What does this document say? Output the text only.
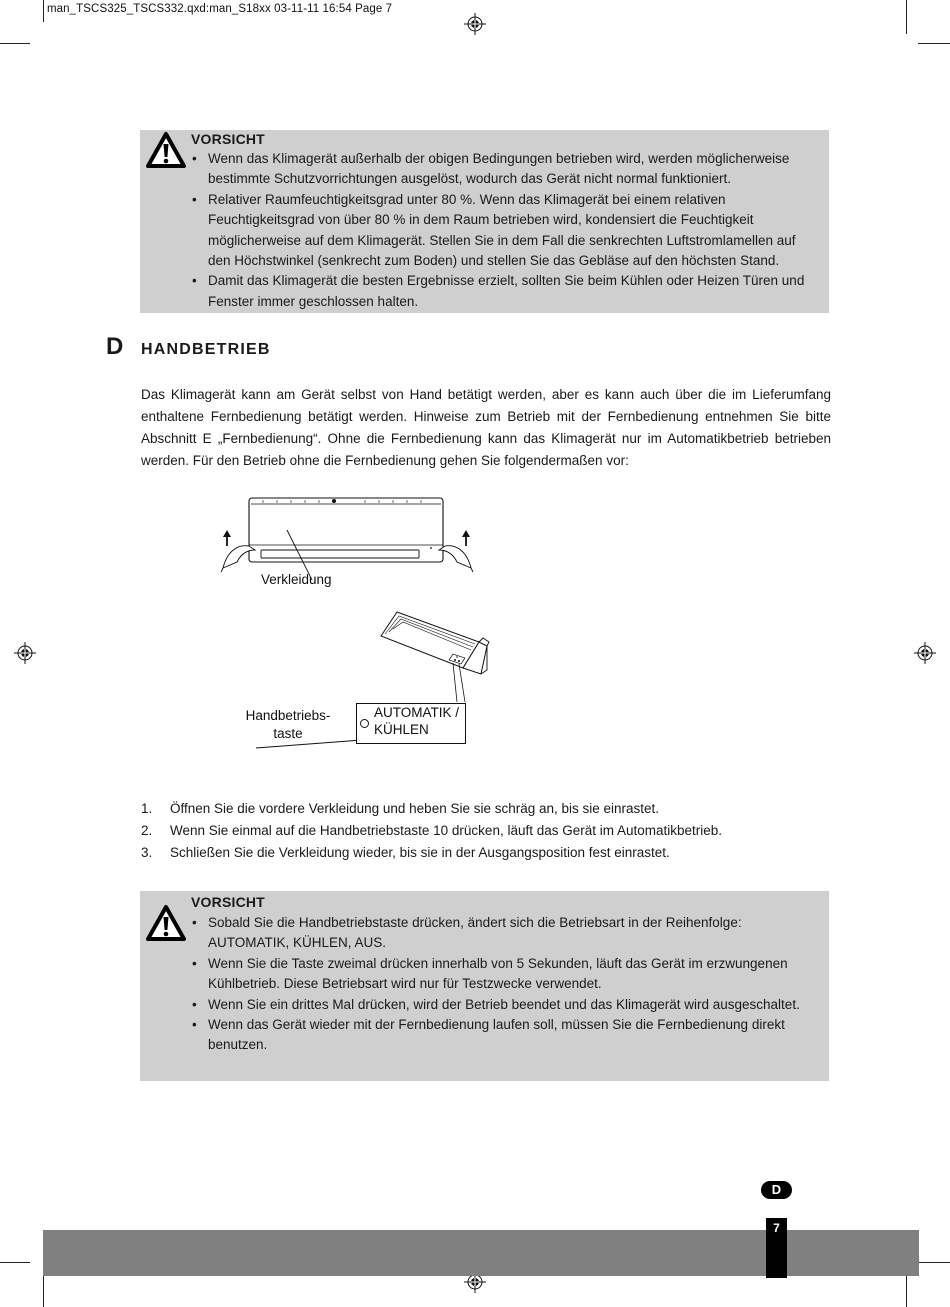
man_TSCS325_TSCS332.qxd:man_S18xx 03-11-11 16:54 Page 7
VORSICHT
• Wenn das Klimagerät außerhalb der obigen Bedingungen betrieben wird, werden möglicherweise bestimmte Schutzvorrichtungen ausgelöst, wodurch das Gerät nicht normal funktioniert.
• Relativer Raumfeuchtigkeitsgrad unter 80 %. Wenn das Klimagerät bei einem relativen Feuchtigkeitsgrad von über 80 % in dem Raum betrieben wird, kondensiert die Feuchtigkeit möglicherweise auf dem Klimagerät. Stellen Sie in dem Fall die senkrechten Luftstromlamellen auf den Höchstwinkel (senkrecht zum Boden) und stellen Sie das Gebläse auf den höchsten Stand.
• Damit das Klimagerät die besten Ergebnisse erzielt, sollten Sie beim Kühlen oder Heizen Türen und Fenster immer geschlossen halten.
D HANDBETRIEB
Das Klimagerät kann am Gerät selbst von Hand betätigt werden, aber es kann auch über die im Lieferumfang enthaltene Fernbedienung betätigt werden. Hinweise zum Betrieb mit der Fernbedienung entnehmen Sie bitte Abschnitt E „Fernbedienung“. Ohne die Fernbedienung kann das Klimagerät nur im Automatikbetrieb betrieben werden. Für den Betrieb ohne die Fernbedienung gehen Sie folgendermaßen vor:
Verkleidung
Handbetriebs-
taste
AUTOMATIK /
KÜHLEN
1. Öffnen Sie die vordere Verkleidung und heben Sie sie schräg an, bis sie einrastet.
2. Wenn Sie einmal auf die Handbetriebstaste 10 drücken, läuft das Gerät im Automatikbetrieb.
3. Schließen Sie die Verkleidung wieder, bis sie in der Ausgangsposition fest einrastet.
VORSICHT
• Sobald Sie die Handbetriebstaste drücken, ändert sich die Betriebsart in der Reihenfolge: AUTOMATIK, KÜHLEN, AUS.
• Wenn Sie die Taste zweimal drücken innerhalb von 5 Sekunden, läuft das Gerät im erzwungenen Kühlbetrieb. Diese Betriebsart wird nur für Testzwecke verwendet.
• Wenn Sie ein drittes Mal drücken, wird der Betrieb beendet und das Klimagerät wird ausgeschaltet.
• Wenn das Gerät wieder mit der Fernbedienung laufen soll, müssen Sie die Fernbedienung direkt benutzen.
D
7
